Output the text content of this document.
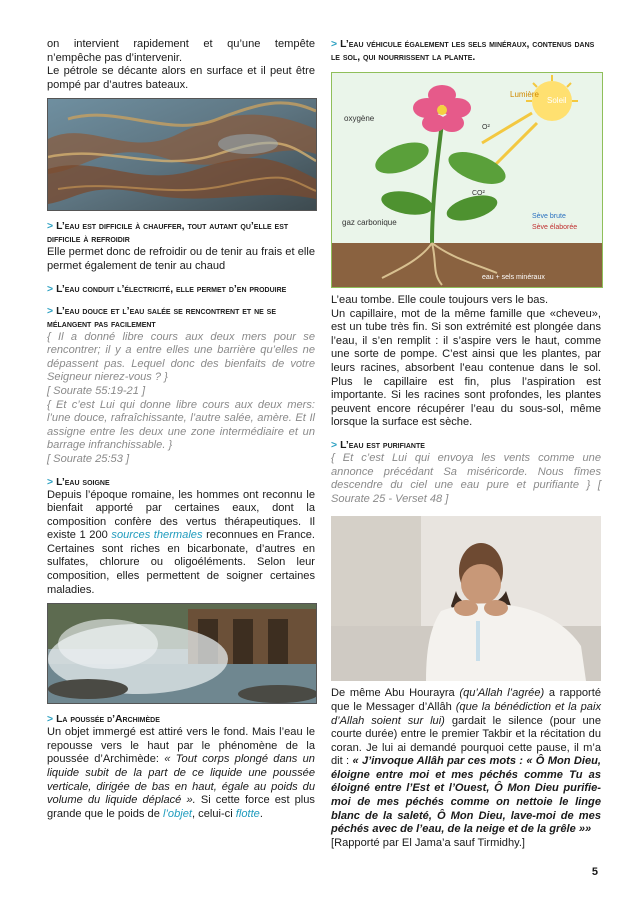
on intervient rapidement et qu’une tempête n’empêche pas d’intervenir.

Le pétrole se décante alors en surface et il peut être pompé par d’autres bateaux.

> L’eau est difficile à chauffer, tout autant qu’elle est difficile à refroidir

Elle permet donc de refroidir ou de tenir au frais et elle permet également de tenir au chaud

> L’eau conduit l’électricité, elle permet d’en produire
> L’eau douce et l’eau salée se rencontrent et ne se mélangent pas facilement

{ Il a donné libre cours aux deux mers pour se rencontrer; il y a entre elles une barrière qu’elles ne dépassent pas. Lequel donc des bienfaits de votre Seigneur nierez-vous ? }

[ Sourate 55:19-21 ]

{ Et c’est Lui qui donne libre cours aux deux mers: l’une douce, rafraîchissante, l’autre salée, amère. Et Il assigne entre les deux une zone intermédiaire et un barrage infranchissable. }

[ Sourate 25:53 ]

> L’eau soigne

Depuis l’époque romaine, les hommes ont reconnu le bienfait apporté par certaines eaux, dont la composition confère des vertus thérapeutiques. Il existe 1 200 sources thermales reconnues en France. Certaines sont riches en bicarbonate, d’autres en sulfates, chlorure ou oligoéléments. Selon leur composition, elles permettent de soigner certaines maladies.

> La poussée d’Archimède

Un objet immergé est attiré vers le fond. Mais l’eau le repousse vers le haut par le phénomène de la poussée d’Archimède: « Tout corps plongé dans un liquide subit de la part de ce liquide une poussée verticale, dirigée de bas en haut, égale au poids du volume du liquide déplacé ». Si cette force est plus grande que le poids de l’objet, celui-ci flotte.

> L’eau véhicule également les sels minéraux, contenus dans le sol, qui nourrissent la plante.
Lumière
Soleil
oxygène
O²
CO²
gaz carbonique
Sève brute
Sève élaborée
eau + sels minéraux

L’eau tombe. Elle coule toujours vers le bas.

Un capillaire, mot de la même famille que «cheveu», est un tube très fin. Si son extrémité est plongée dans l’eau, il s’en remplit : il s’aspire vers le haut, comme une sorte de pompe. C’est ainsi que les plantes, par leurs racines, absorbent l’eau contenue dans le sol. Plus le capillaire est fin, plus l’aspiration est importante. Si les racines sont profondes, les plantes peuvent encore récupérer l’eau du sous-sol, même lorsque la surface est sèche.

> L’eau est purifiante

{ Et c’est Lui qui envoya les vents comme une annonce précédant Sa miséricorde. Nous fîmes descendre du ciel une eau pure et purifiante } [ Sourate 25 - Verset 48 ]

De même Abu Hourayra (qu’Allah l’agrée) a rapporté que le Messager d’Allâh (que la bénédiction et la paix d’Allah soient sur lui) gardait le silence (pour une courte durée) entre le premier Takbir et la récitation du coran. Je lui ai demandé pourquoi cette pause, il m’a dit : « J’invoque Allâh par ces mots : « Ô Mon Dieu, éloigne entre moi et mes péchés comme Tu as éloigné entre l’Est et l’Ouest, Ô Mon Dieu purifie-moi de mes péchés comme on nettoie le linge blanc de la saleté, Ô Mon Dieu, lave-moi de mes péchés avec de l’eau, de la neige et de la grêle »»

[Rapporté par El Jama’a sauf Tirmidhy.]

5
